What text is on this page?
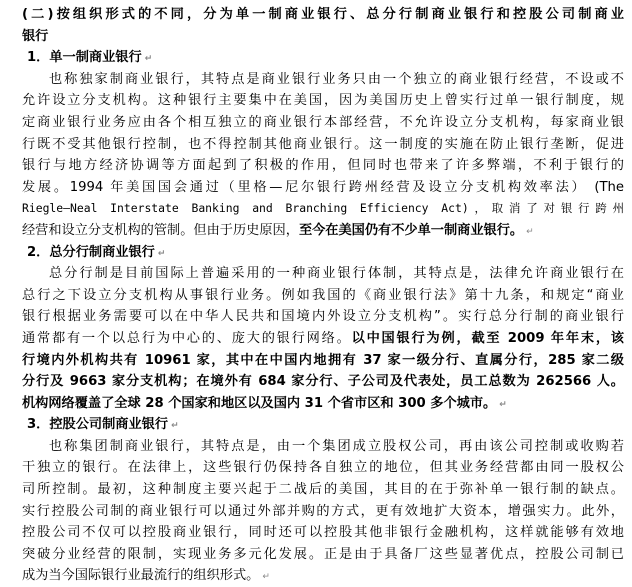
(二)按组织形式的不同，分为单一制商业银行、总分行制商业银行和控股公司制商业
银行
1．单一制商业银行 ↵
也称独家制商业银行，其特点是商业银行业务只由一个独立的商业银行经营，不设或不
允许设立分支机构。这种银行主要集中在美国，因为美国历史上曾实行过单一银行制度，规
定商业银行业务应由各个相互独立的商业银行本部经营，不允许设立分支机构，每家商业银
行既不受其他银行控制，也不得控制其他商业银行。这一制度的实施在防止银行垄断，促进
银行与地方经济协调等方面起到了积极的作用，但同时也带来了许多弊端，不利于银行的
发展。1994 年美国国会通过（里格—尼尔银行跨州经营及设立分支机构效率法） (The
Riegle—Neal Interstate Banking and Branching Efficiency Act)，取消了对银行跨州
经营和设立分支机构的管制。但由于历史原因，至今在美国仍有不少单一制商业银行。 ↵
2．总分行制商业银行 ↵
总分行制是目前国际上普遍采用的一种商业银行体制，其特点是，法律允许商业银行在
总行之下设立分支机构从事银行业务。例如我国的《商业银行法》第十九条，和规定“商业
银行根据业务需要可以在中华人民共和国境内外设立分支机构”。实行总分行制的商业银行
通常都有一个以总行为中心的、庞大的银行网络。以中国银行为例，截至 2009 年年末，该
行境内外机构共有 10961 家，其中在中国内地拥有 37 家一级分行、直属分行，285 家二级
分行及 9663 家分支机构；在境外有 684 家分行、子公司及代表处，员工总数为 262566 人。
机构网络覆盖了全球 28 个国家和地区以及国内 31 个省市区和 300 多个城市。 ↵
3．控股公司制商业银行 ↵
也称集团制商业银行，其特点是，由一个集团成立股权公司，再由该公司控制或收购若
干独立的银行。在法律上，这些银行仍保持各自独立的地位，但其业务经营都由同一股权公
司所控制。最初，这种制度主要兴起于二战后的美国，其目的在于弥补单一银行制的缺点。
实行控股公司制的商业银行可以通过外部并购的方式，更有效地扩大资本，增强实力。此外，
控股公司不仅可以控股商业银行，同时还可以控股其他非银行金融机构，这样就能够有效地
突破分业经营的限制，实现业务多元化发展。正是由于具备厂这些显著优点，控股公司制已
成为当今国际银行业最流行的组织形式。 ↵
